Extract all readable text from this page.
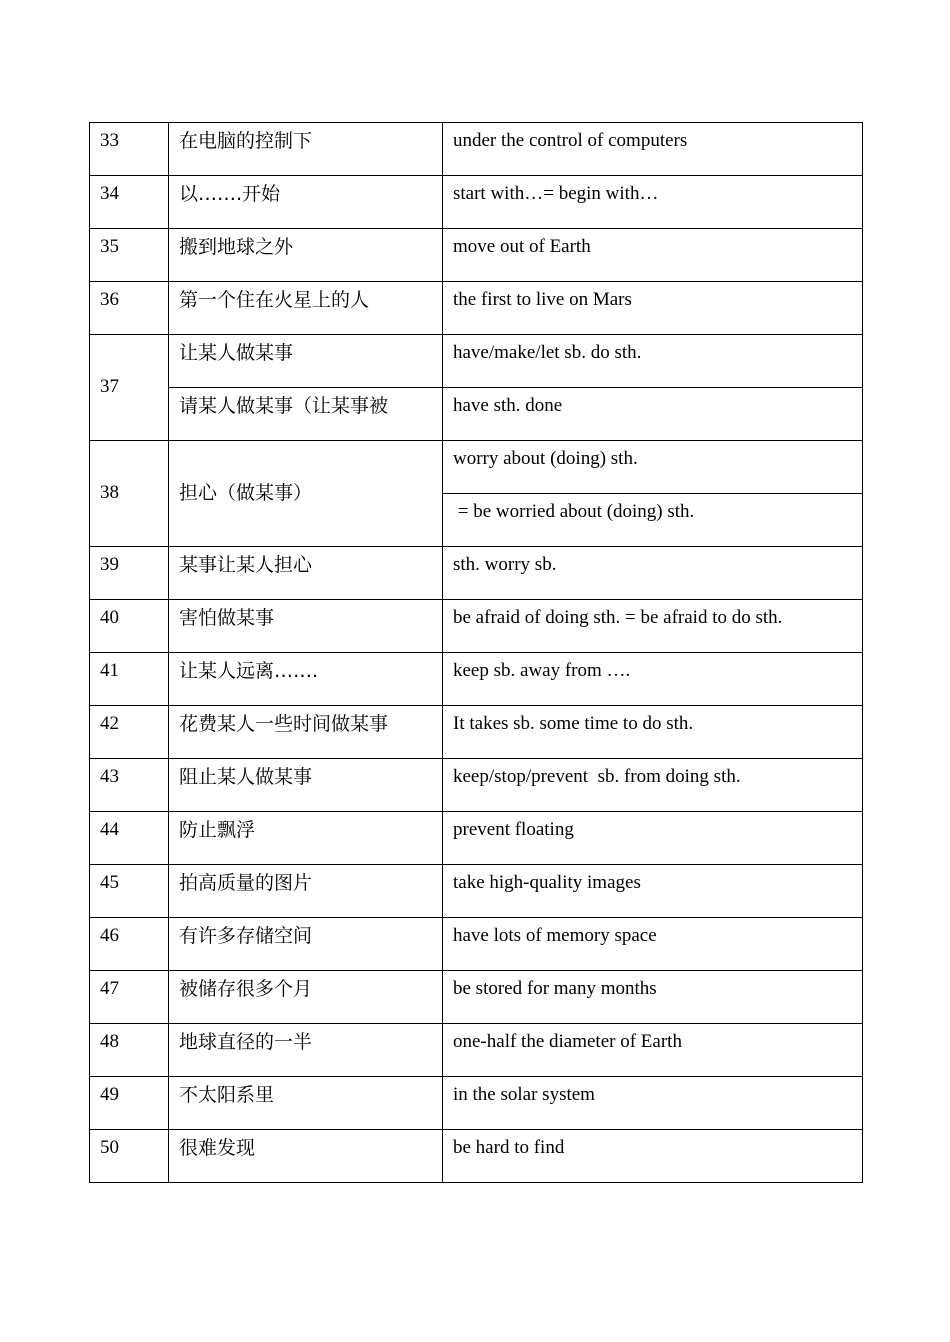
33	在电脑的控制下	under the control of computers

34	以…….开始	start with…= begin with…

35	搬到地球之外	move out of Earth

36	第一个住在火星上的人	the first to live on Mars

37	让某人做某事	have/make/let sb. do sth.

	请某人做某事（让某事被	have sth. done

38	担心（做某事）	worry about (doing) sth.

		= be worried about (doing) sth.

39	某事让某人担心	sth. worry sb.

40	害怕做某事	be afraid of doing sth. = be afraid to do sth.

41	让某人远离…….	keep sb. away from ….

42	花费某人一些时间做某事	It takes sb. some time to do sth.

43	阻止某人做某事	keep/stop/prevent  sb. from doing sth.

44	防止飘浮	prevent floating

45	拍高质量的图片	take high-quality images

46	有许多存储空间	have lots of memory space

47	被储存很多个月	be stored for many months

48	地球直径的一半	one-half the diameter of Earth

49	不太阳系里	in the solar system

50	很难发现	be hard to find
